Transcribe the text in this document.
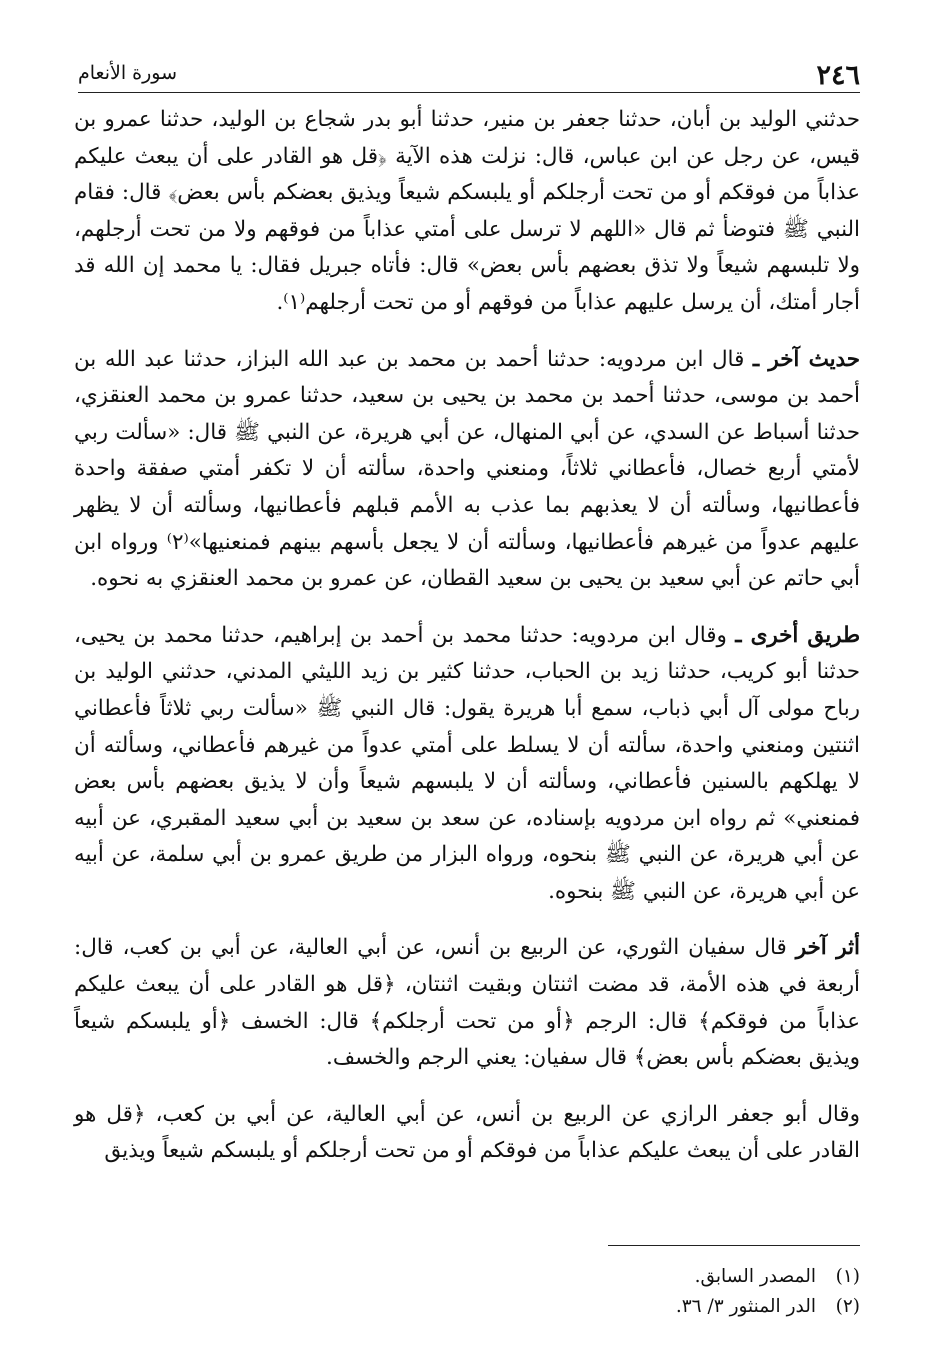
٢٤٦
سورة الأنعام

حدثني الوليد بن أبان، حدثنا جعفر بن منير، حدثنا أبو بدر شجاع بن الوليد، حدثنا عمرو بن قيس، عن رجل عن ابن عباس، قال: نزلت هذه الآية ﴿قل هو القادر على أن يبعث عليكم عذاباً من فوقكم أو من تحت أرجلكم أو يلبسكم شيعاً ويذيق بعضكم بأس بعض﴾ قال: فقام النبي ﷺ فتوضأ ثم قال «اللهم لا ترسل على أمتي عذاباً من فوقهم ولا من تحت أرجلهم، ولا تلبسهم شيعاً ولا تذق بعضهم بأس بعض» قال: فأتاه جبريل فقال: يا محمد إن الله قد أجار أمتك، أن يرسل عليهم عذاباً من فوقهم أو من تحت أرجلهم⁽١⁾.

حديث آخر ـ قال ابن مردويه: حدثنا أحمد بن محمد بن عبد الله البزاز، حدثنا عبد الله بن أحمد بن موسى، حدثنا أحمد بن محمد بن يحيى بن سعيد، حدثنا عمرو بن محمد العنقزي، حدثنا أسباط عن السدي، عن أبي المنهال، عن أبي هريرة، عن النبي ﷺ قال: «سألت ربي لأمتي أربع خصال، فأعطاني ثلاثاً، ومنعني واحدة، سألته أن لا تكفر أمتي صفقة واحدة فأعطانيها، وسألته أن لا يعذبهم بما عذب به الأمم قبلهم فأعطانيها، وسألته أن لا يظهر عليهم عدواً من غيرهم فأعطانيها، وسألته أن لا يجعل بأسهم بينهم فمنعنيها»⁽٢⁾ ورواه ابن أبي حاتم عن أبي سعيد بن يحيى بن سعيد القطان، عن عمرو بن محمد العنقزي به نحوه.

طريق أخرى ـ وقال ابن مردويه: حدثنا محمد بن أحمد بن إبراهيم، حدثنا محمد بن يحيى، حدثنا أبو كريب، حدثنا زيد بن الحباب، حدثنا كثير بن زيد الليثي المدني، حدثني الوليد بن رباح مولى آل أبي ذباب، سمع أبا هريرة يقول: قال النبي ﷺ «سألت ربي ثلاثاً فأعطاني اثنتين ومنعني واحدة، سألته أن لا يسلط على أمتي عدواً من غيرهم فأعطاني، وسألته أن لا يهلكهم بالسنين فأعطاني، وسألته أن لا يلبسهم شيعاً وأن لا يذيق بعضهم بأس بعض فمنعني» ثم رواه ابن مردويه بإسناده، عن سعد بن سعيد بن أبي سعيد المقبري، عن أبيه عن أبي هريرة، عن النبي ﷺ بنحوه، ورواه البزار من طريق عمرو بن أبي سلمة، عن أبيه عن أبي هريرة، عن النبي ﷺ بنحوه.

أثر آخر قال سفيان الثوري، عن الربيع بن أنس، عن أبي العالية، عن أبي بن كعب، قال: أربعة في هذه الأمة، قد مضت اثنتان وبقيت اثنتان، ﴿قل هو القادر على أن يبعث عليكم عذاباً من فوقكم﴾ قال: الرجم ﴿أو من تحت أرجلكم﴾ قال: الخسف ﴿أو يلبسكم شيعاً ويذيق بعضكم بأس بعض﴾ قال سفيان: يعني الرجم والخسف.

وقال أبو جعفر الرازي عن الربيع بن أنس، عن أبي العالية، عن أبي بن كعب، ﴿قل هو القادر على أن يبعث عليكم عذاباً من فوقكم أو من تحت أرجلكم أو يلبسكم شيعاً ويذيق

(١)
المصدر السابق.
(٢)
الدر المنثور ٣/ ٣٦.
